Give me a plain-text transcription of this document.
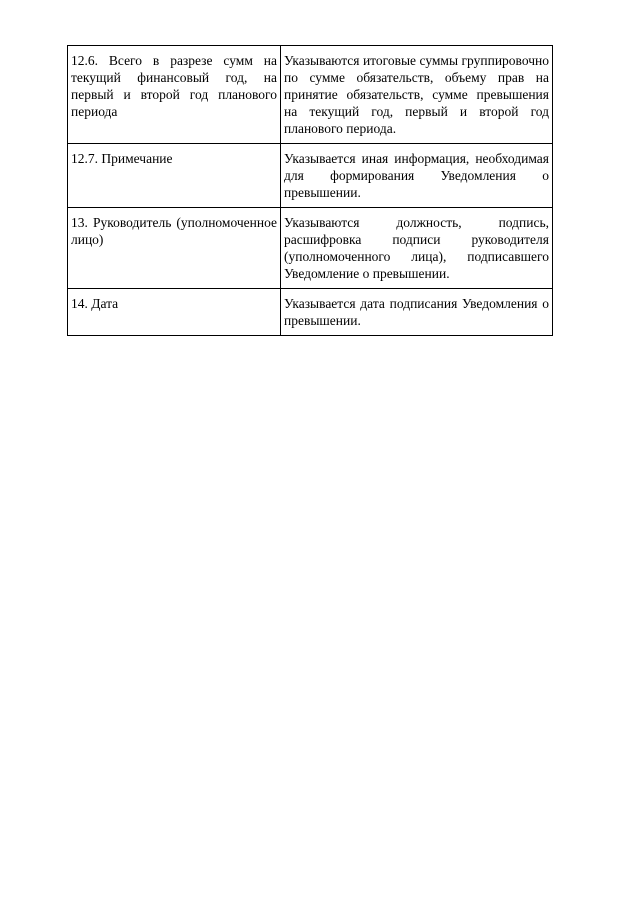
12.6. Всего в разрезе сумм на текущий финансовый год, на первый и второй год планового периода	Указываются итоговые суммы группировочно по сумме обязательств, объему прав на принятие обязательств, сумме превышения на текущий год, первый и второй год планового периода.
12.7. Примечание	Указывается иная информация, необходимая для формирования Уведомления о превышении.
13. Руководитель (уполномоченное лицо)	Указываются должность, подпись, расшифровка подписи руководителя (уполномоченного лица), подписавшего Уведомление о превышении.
14. Дата	Указывается дата подписания Уведомления о превышении.
